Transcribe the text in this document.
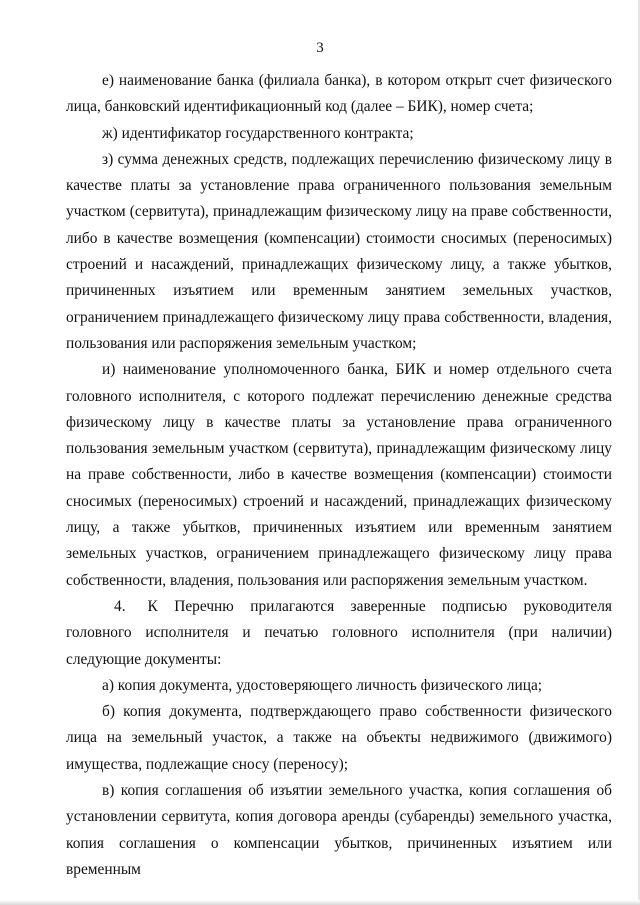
3

е) наименование банка (филиала банка), в котором открыт счет физического лица, банковский идентификационный код (далее – БИК), номер счета;

ж) идентификатор государственного контракта;

з) сумма денежных средств, подлежащих перечислению физическому лицу в качестве платы за установление права ограниченного пользования земельным участком (сервитута), принадлежащим физическому лицу на праве собственности, либо в качестве возмещения (компенсации) стоимости сносимых (переносимых) строений и насаждений, принадлежащих физическому лицу, а также убытков, причиненных изъятием или временным занятием земельных участков, ограничением принадлежащего физическому лицу права собственности, владения, пользования или распоряжения земельным участком;

и) наименование уполномоченного банка, БИК и номер отдельного счета головного исполнителя, с которого подлежат перечислению денежные средства физическому лицу в качестве платы за установление права ограниченного пользования земельным участком (сервитута), принадлежащим физическому лицу на праве собственности, либо в качестве возмещения (компенсации) стоимости сносимых (переносимых) строений и насаждений, принадлежащих физическому лицу, а также убытков, причиненных изъятием или временным занятием земельных участков, ограничением принадлежащего физическому лицу права собственности, владения, пользования или распоряжения земельным участком.

4. К Перечню прилагаются заверенные подписью руководителя головного исполнителя и печатью головного исполнителя (при наличии) следующие документы:

а) копия документа, удостоверяющего личность физического лица;

б) копия документа, подтверждающего право собственности физического лица на земельный участок, а также на объекты недвижимого (движимого) имущества, подлежащие сносу (переносу);

в) копия соглашения об изъятии земельного участка, копия соглашения об установлении сервитута, копия договора аренды (субаренды) земельного участка, копия соглашения о компенсации убытков, причиненных изъятием или временным
